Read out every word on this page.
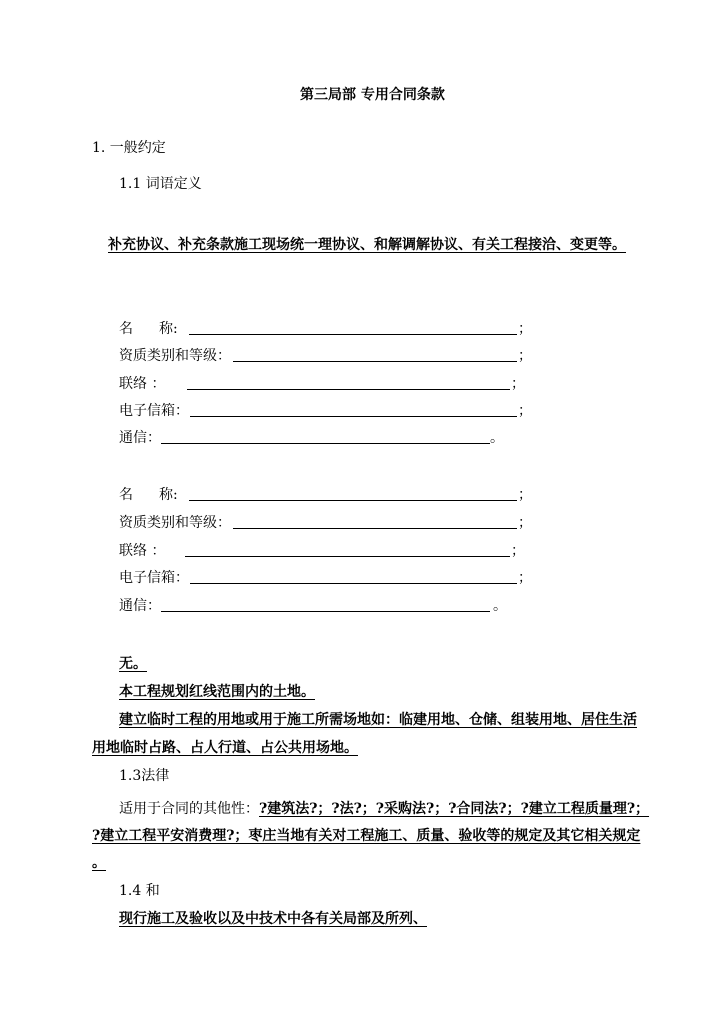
第三局部 专用合同条款
1. 一般约定
1.1 词语定义
补充协议、补充条款施工现场统一理协议、和解调解协议、有关工程接洽、变更等。
名 称:	；
资质类别和等级：	；
联络 ：	；
电子信箱：	；
通信：	。
名 称:	；
资质类别和等级：	；
联络 ：	；
电子信箱：	；
通信：	。
无。
本工程规划红线范围内的土地。
建立临时工程的用地或用于施工所需场地如：临建用地、仓储、组装用地、居住生活
用地临时占路、占人行道、占公共用场地。
1.3法律
适用于合同的其他性：?建筑法?；?法?；?采购法?；?合同法?；?建立工程质量理?；
?建立工程平安消费理?；枣庄当地有关对工程施工、质量、验收等的规定及其它相关规定
。
1.4 和
现行施工及验收以及中技术中各有关局部及所列、
